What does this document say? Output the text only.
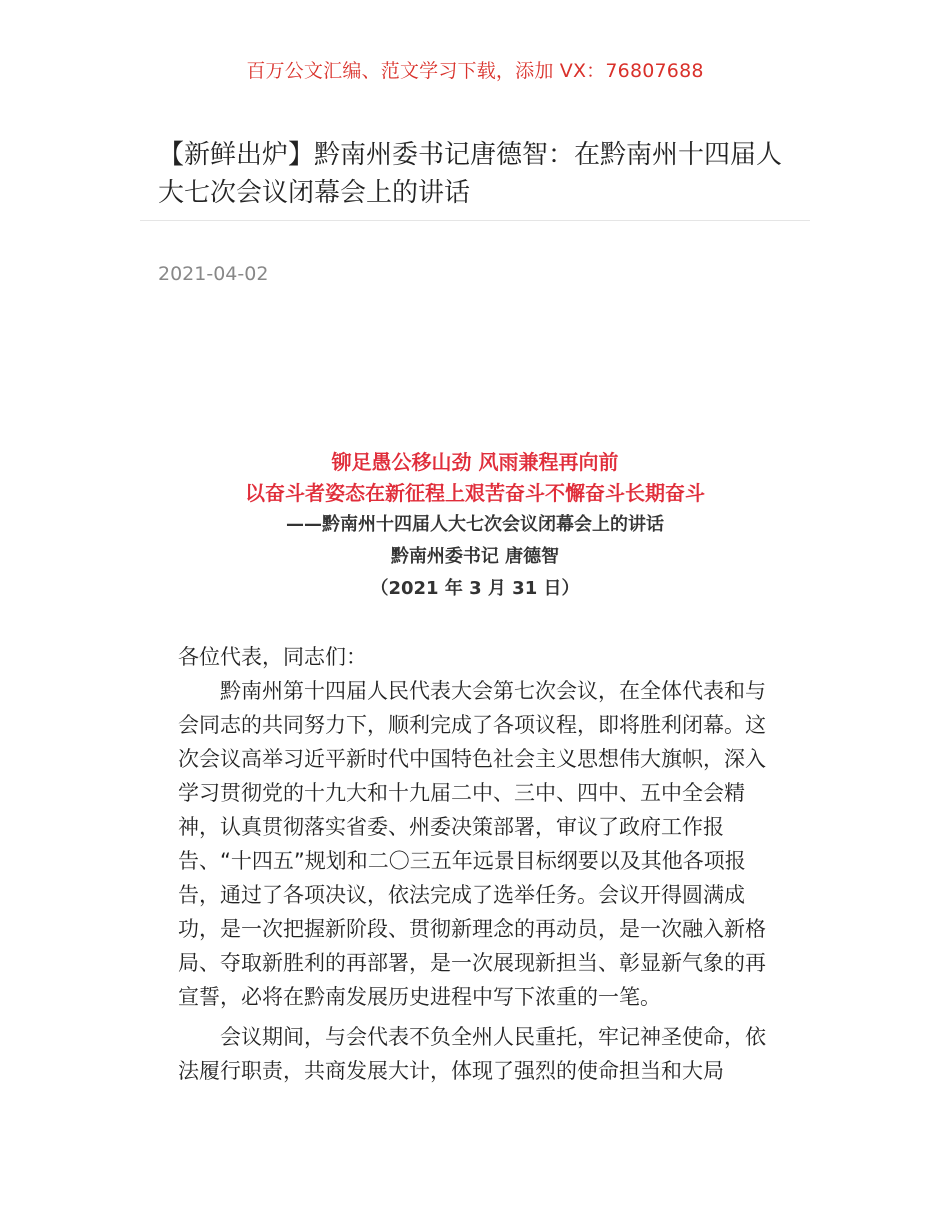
百万公文汇编、范文学习下载，添加 VX：76807688
【新鲜出炉】黔南州委书记唐德智：在黔南州十四届人大七次会议闭幕会上的讲话
2021-04-02
铆足愚公移山劲 风雨兼程再向前
以奋斗者姿态在新征程上艰苦奋斗不懈奋斗长期奋斗
——黔南州十四届人大七次会议闭幕会上的讲话
黔南州委书记 唐德智
（2021 年 3 月 31 日）

各位代表，同志们：

黔南州第十四届人民代表大会第七次会议，在全体代表和与会同志的共同努力下，顺利完成了各项议程，即将胜利闭幕。这次会议高举习近平新时代中国特色社会主义思想伟大旗帜，深入学习贯彻党的十九大和十九届二中、三中、四中、五中全会精神，认真贯彻落实省委、州委决策部署，审议了政府工作报告、“十四五”规划和二〇三五年远景目标纲要以及其他各项报告，通过了各项决议，依法完成了选举任务。会议开得圆满成功，是一次把握新阶段、贯彻新理念的再动员，是一次融入新格局、夺取新胜利的再部署，是一次展现新担当、彰显新气象的再宣誓，必将在黔南发展历史进程中写下浓重的一笔。

会议期间，与会代表不负全州人民重托，牢记神圣使命，依法履行职责，共商发展大计，体现了强烈的使命担当和大局
